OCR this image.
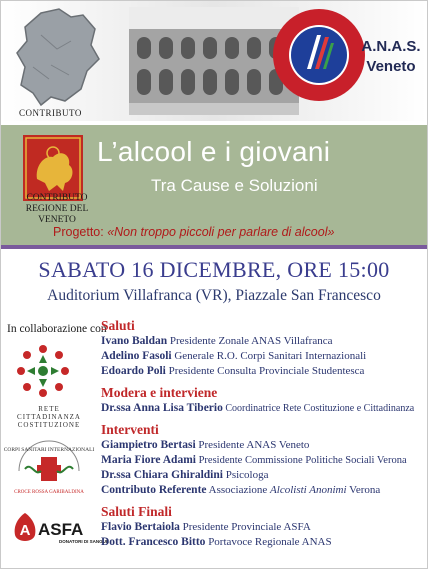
A.N.A.S.
Veneto
CONTRIBUTO
CONTRIBUTO
REGIONE DEL VENETO
L’alcool e i giovani
Tra Cause e Soluzioni
Progetto: «Non troppo piccoli per parlare di alcool»
SABATO 16 DICEMBRE, ORE 15:00
Auditorium Villafranca (VR), Piazzale San Francesco
In collaborazione con
RETE CITTADINANZA COSTITUZIONE
CORPI SANITARI INTERNAZIONALI
CROCE ROSSA GARIBALDINA
A ASFA
DONATORI DI SANGUE
Saluti
Ivano Baldan Presidente Zonale ANAS Villafranca
Adelino Fasoli Generale R.O. Corpi Sanitari Internazionali
Edoardo Poli Presidente Consulta Provinciale Studentesca
Modera e interviene
Dr.ssa Anna Lisa Tiberio Coordinatrice Rete Costituzione e Cittadinanza
Interventi
Giampietro Bertasi Presidente ANAS Veneto
Maria Fiore Adami Presidente Commissione Politiche Sociali Verona
Dr.ssa Chiara Ghiraldini Psicologa
Contributo Referente Associazione Alcolisti Anonimi Verona
Saluti Finali
Flavio Bertaiola Presidente Provinciale ASFA
Dott. Francesco Bitto Portavoce Regionale ANAS
